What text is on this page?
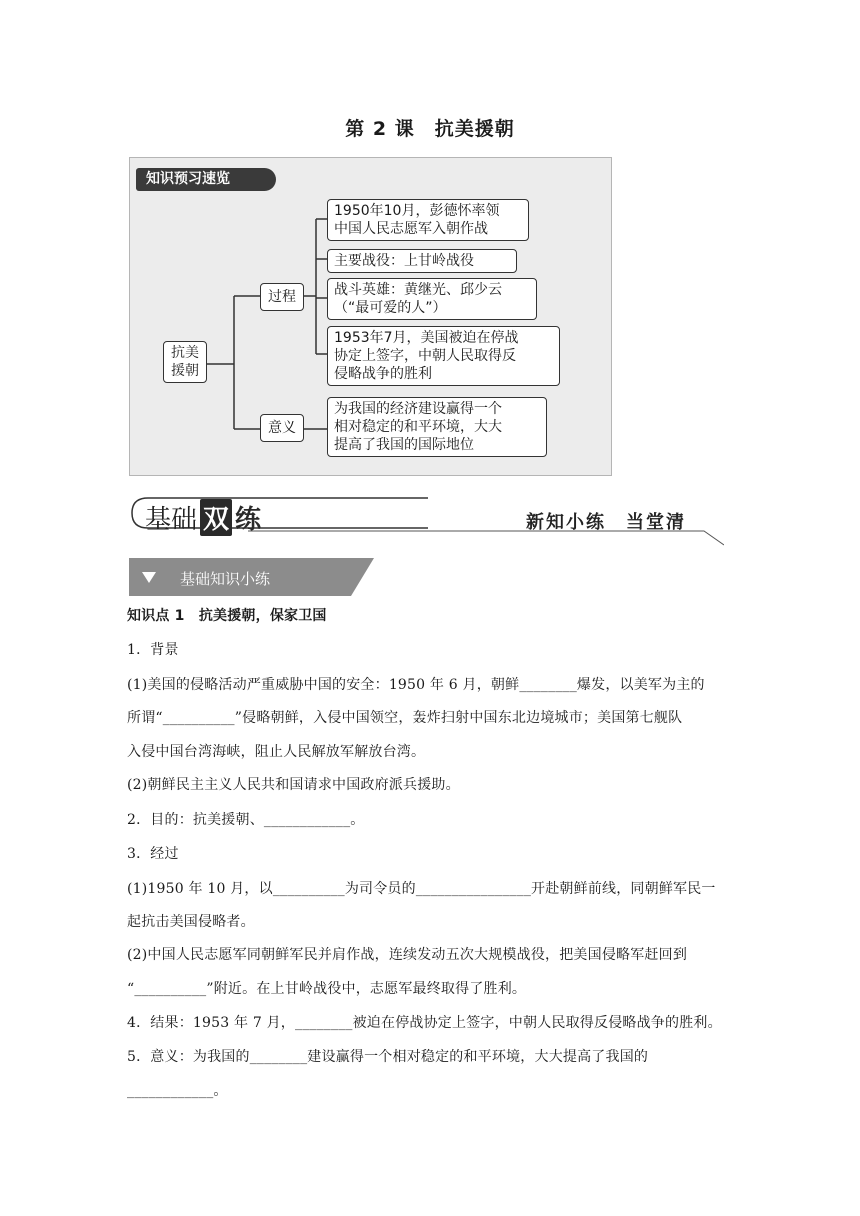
第 2 课　抗美援朝
知识预习速览
抗美
援朝
过程
意义
1950年10月，彭德怀率领
中国人民志愿军入朝作战
主要战役：上甘岭战役
战斗英雄：黄继光、邱少云
（“最可爱的人”）
1953年7月，美国被迫在停战
协定上签字，中朝人民取得反
侵略战争的胜利
为我国的经济建设赢得一个
相对稳定的和平环境，大大
提高了我国的国际地位
基础 双 练	新知小练　当堂清
基础知识小练
知识点 1　抗美援朝，保家卫国
1．背景
(1)美国的侵略活动严重威胁中国的安全：1950 年 6 月，朝鲜________爆发，以美军为主的
所谓“__________”侵略朝鲜，入侵中国领空，轰炸扫射中国东北边境城市；美国第七舰队
入侵中国台湾海峡，阻止人民解放军解放台湾。
(2)朝鲜民主主义人民共和国请求中国政府派兵援助。
2．目的：抗美援朝、____________。
3．经过
(1)1950 年 10 月，以__________为司令员的________________开赴朝鲜前线，同朝鲜军民一
起抗击美国侵略者。
(2)中国人民志愿军同朝鲜军民并肩作战，连续发动五次大规模战役，把美国侵略军赶回到
“__________”附近。在上甘岭战役中，志愿军最终取得了胜利。
4．结果：1953 年 7 月，________被迫在停战协定上签字，中朝人民取得反侵略战争的胜利。
5．意义：为我国的________建设赢得一个相对稳定的和平环境，大大提高了我国的
____________。
